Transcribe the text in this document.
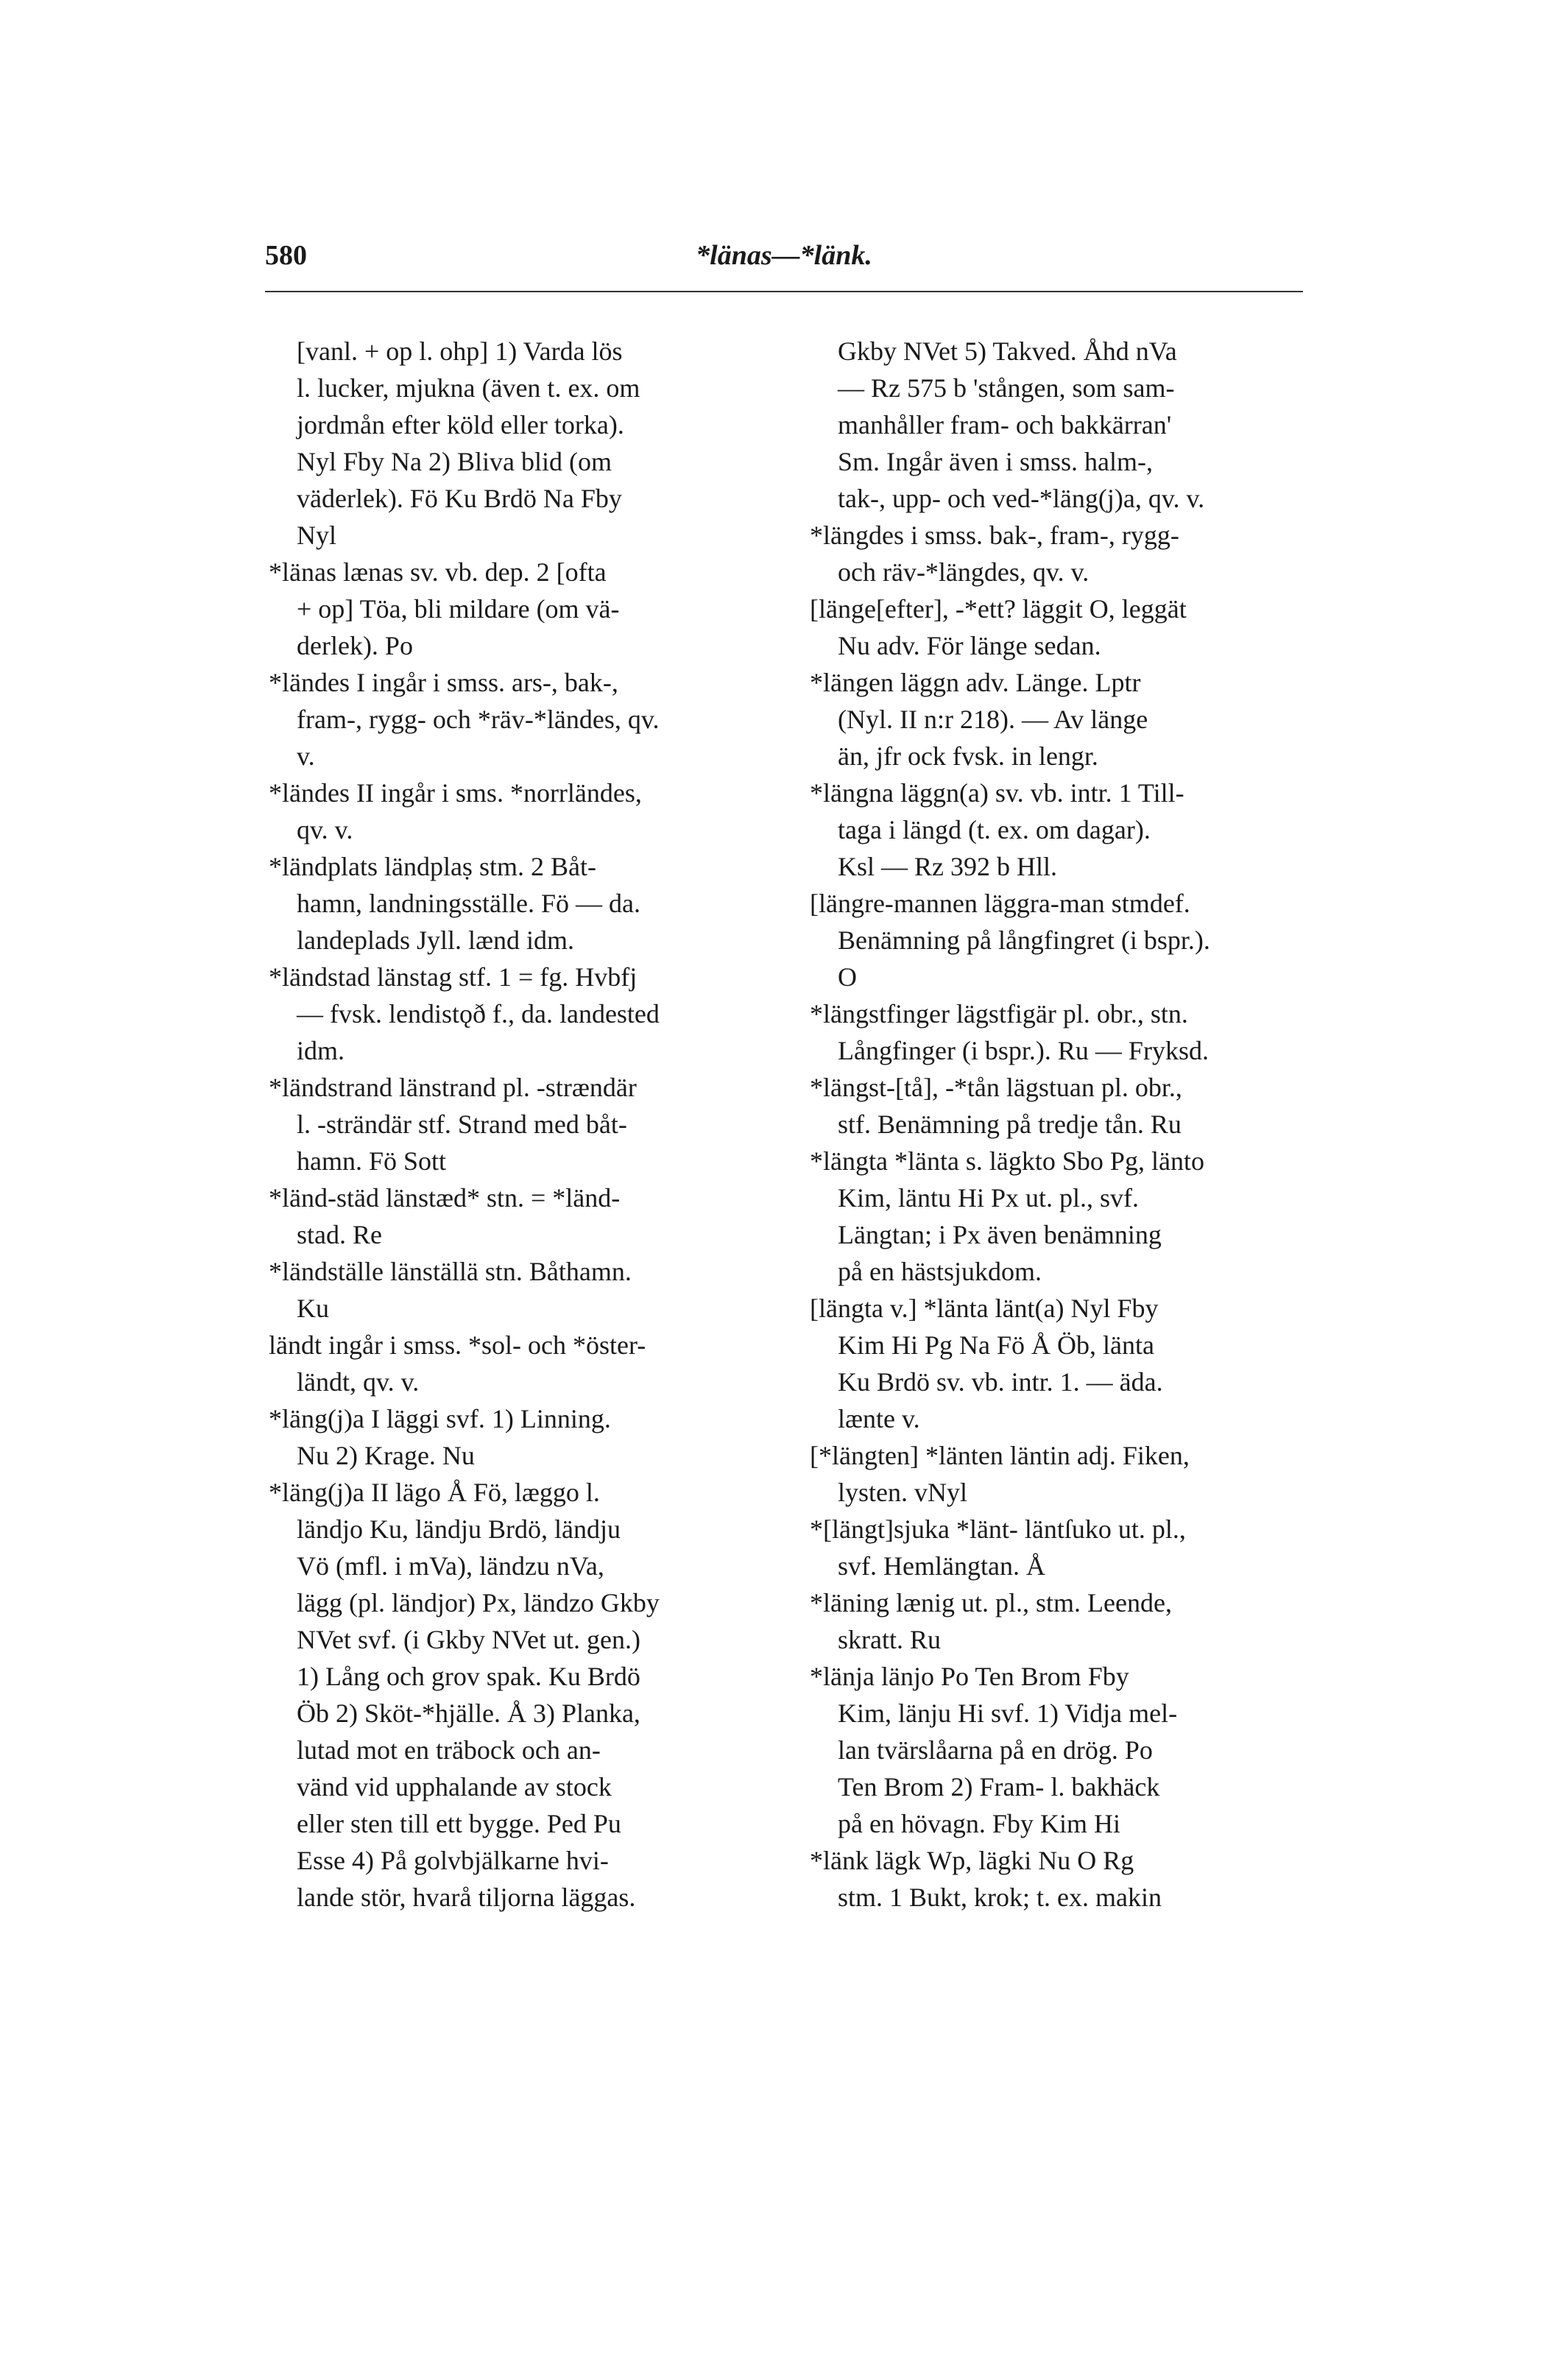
580	*länas—*länk.
[vanl. + op l. ohp] 1) Varda lös
l. lucker, mjukna (även t. ex. om
jordmån efter köld eller torka).
Nyl Fby Na 2) Bliva blid (om
väderlek). Fö Ku Brdö Na Fby
Nyl
*länas lænas sv. vb. dep. 2 [ofta
+ op] Töa, bli mildare (om vä-
derlek). Po
*ländes I ingår i smss. ars-, bak-,
fram-, rygg- och *räv-*ländes, qv.
v.
*ländes II ingår i sms. *norrländes,
qv. v.
*ländplats ländplaṣ stm. 2 Båt-
hamn, landningsställe. Fö — da.
landeplads Jyll. lænd idm.
*ländstad länstag stf. 1 = fg. Hvbfj
— fvsk. lendistǫð f., da. landested
idm.
*ländstrand länstrand pl. -strændär
l. -strändär stf. Strand med båt-
hamn. Fö Sott
*länd-städ länstæd* stn. = *länd-
stad. Re
*ländställe länställä stn. Båthamn.
Ku
ländt ingår i smss. *sol- och *öster-
ländt, qv. v.
*läng(j)a I läggi svf. 1) Linning.
Nu 2) Krage. Nu
*läng(j)a II lägo Å Fö, læggo l.
ländjo Ku, ländju Brdö, ländju
Vö (mfl. i mVa), ländzu nVa,
lägg (pl. ländjor) Px, ländzo Gkby
NVet svf. (i Gkby NVet ut. gen.)
1) Lång och grov spak. Ku Brdö
Öb 2) Sköt-*hjälle. Å 3) Planka,
lutad mot en träbock och an-
vänd vid upphalande av stock
eller sten till ett bygge. Ped Pu
Esse 4) På golvbjälkarne hvi-
lande stör, hvarå tiljorna läggas.
Gkby NVet 5) Takved. Åhd nVa
— Rz 575 b 'stången, som sam-
manhåller fram- och bakkärran'
Sm. Ingår även i smss. halm-,
tak-, upp- och ved-*läng(j)a, qv. v.
*längdes i smss. bak-, fram-, rygg-
och räv-*längdes, qv. v.
[länge[efter], -*ett? läggit O, leggät
Nu adv. För länge sedan.
*längen läggn adv. Länge. Lptr
(Nyl. II n:r 218). — Av länge
än, jfr ock fvsk. in lengr.
*längna läggn(a) sv. vb. intr. 1 Till-
taga i längd (t. ex. om dagar).
Ksl — Rz 392 b Hll.
[längre-mannen läggra-man stmdef.
Benämning på långfingret (i bspr.).
O
*längstfinger lägstfigär pl. obr., stn.
Långfinger (i bspr.). Ru — Fryksd.
*längst-[tå], -*tån lägstuan pl. obr.,
stf. Benämning på tredje tån. Ru
*längta *länta s. lägkto Sbo Pg, länto
Kim, läntu Hi Px ut. pl., svf.
Längtan; i Px även benämning
på en hästsjukdom.
[längta v.] *länta länt(a) Nyl Fby
Kim Hi Pg Na Fö Å Öb, länta
Ku Brdö sv. vb. intr. 1. — äda.
lænte v.
[*längten] *länten läntin adj. Fiken,
lysten. vNyl
*[längt]sjuka *länt- läntſuko ut. pl.,
svf. Hemlängtan. Å
*läning lænig ut. pl., stm. Leende,
skratt. Ru
*länja länjo Po Ten Brom Fby
Kim, länju Hi svf. 1) Vidja mel-
lan tvärslåarna på en drög. Po
Ten Brom 2) Fram- l. bakhäck
på en hövagn. Fby Kim Hi
*länk lägk Wp, lägki Nu O Rg
stm. 1 Bukt, krok; t. ex. makin
